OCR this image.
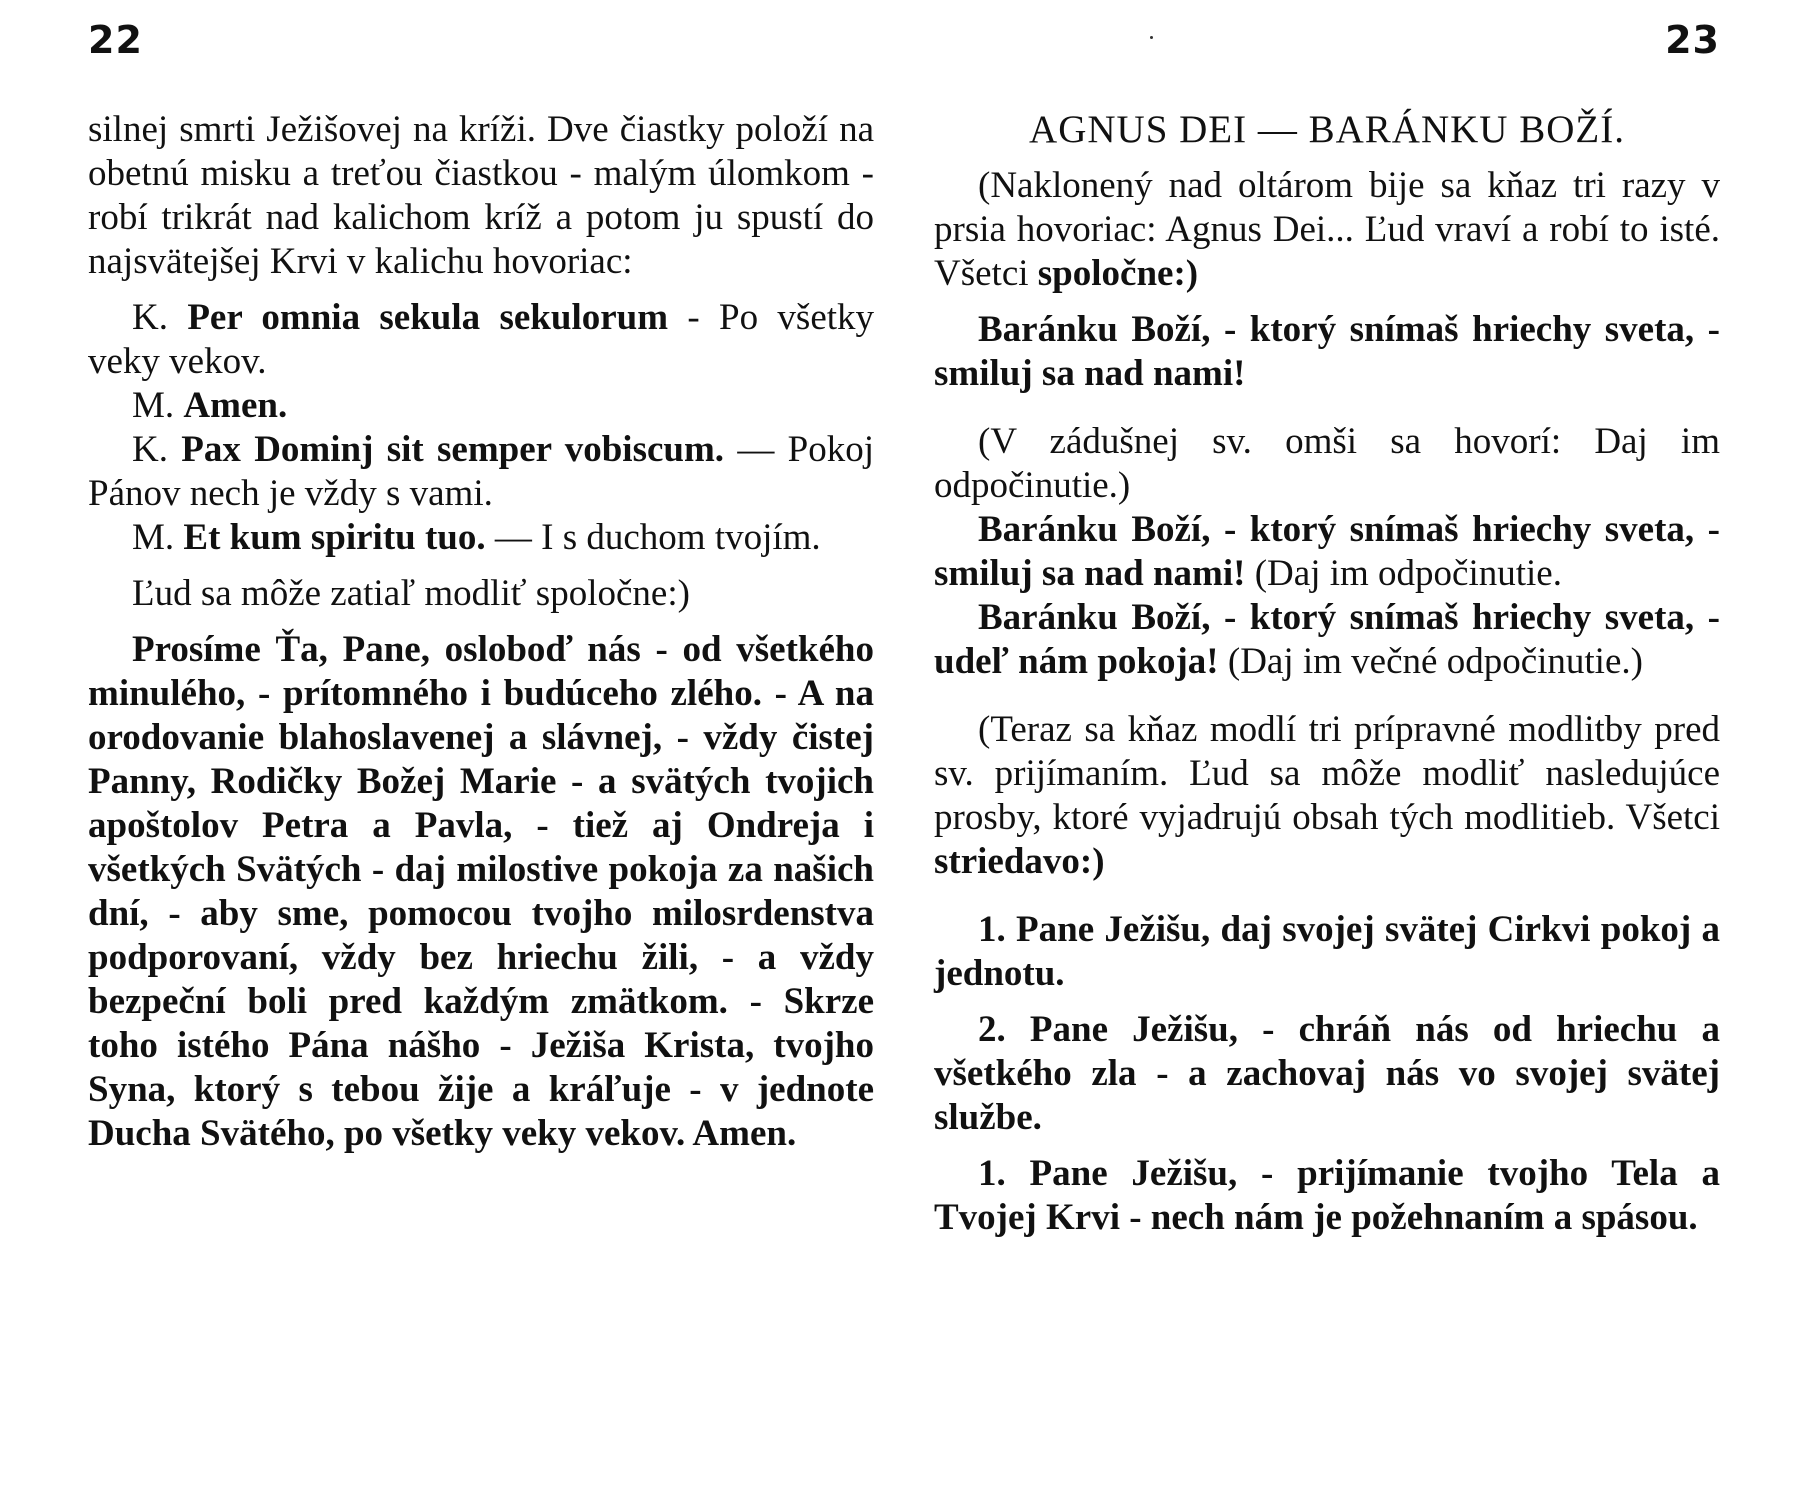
22

silnej smrti Ježišovej na kríži. Dve čiastky položí na obetnú misku a treťou čiastkou - malým úlomkom - robí trikrát nad kalichom kríž a potom ju spustí do najsvätejšej Krvi v kalichu hovoriac:

K. Per omnia sekula sekulorum - Po všetky veky vekov.

M. Amen.

K. Pax Dominj sit semper vobiscum. — Pokoj Pánov nech je vždy s vami.

M. Et kum spiritu tuo. — I s duchom tvojím.

Ľud sa môže zatiaľ modliť spoločne:)

Prosíme Ťa, Pane, osloboď nás - od všetkého minulého, - prítomného i budúceho zlého. - A na orodovanie blahoslavenej a slávnej, - vždy čistej Panny, Rodičky Božej Marie - a svätých tvojich apoštolov Petra a Pavla, - tiež aj Ondreja i všetkých Svätých - daj milostive pokoja za našich dní, - aby sme, pomocou tvojho milosrdenstva podporovaní, vždy bez hriechu žili, - a vždy bezpeční boli pred každým zmätkom. - Skrze toho istého Pána nášho - Ježiša Krista, tvojho Syna, ktorý s tebou žije a kráľuje - v jednote Ducha Svätého, po všetky veky vekov. Amen.

23

AGNUS DEI — BARÁNKU BOŽÍ.

(Naklonený nad oltárom bije sa kňaz tri razy v prsia hovoriac: Agnus Dei... Ľud vraví a robí to isté. Všetci spoločne:)

Baránku Boží, - ktorý snímaš hriechy sveta, - smiluj sa nad nami!

(V zádušnej sv. omši sa hovorí: Daj im odpočinutie.)

Baránku Boží, - ktorý snímaš hriechy sveta, - smiluj sa nad nami! (Daj im odpočinutie.

Baránku Boží, - ktorý snímaš hriechy sveta, - udeľ nám pokoja! (Daj im večné odpočinutie.)

(Teraz sa kňaz modlí tri prípravné modlitby pred sv. prijímaním. Ľud sa môže modliť nasledujúce prosby, ktoré vyjadrujú obsah tých modlitieb. Všetci striedavo:)

1. Pane Ježišu, daj svojej svätej Cirkvi pokoj a jednotu.

2. Pane Ježišu, - chráň nás od hriechu a všetkého zla - a zachovaj nás vo svojej svätej službe.

1. Pane Ježišu, - prijímanie tvojho Tela a Tvojej Krvi - nech nám je požehnaním a spásou.
